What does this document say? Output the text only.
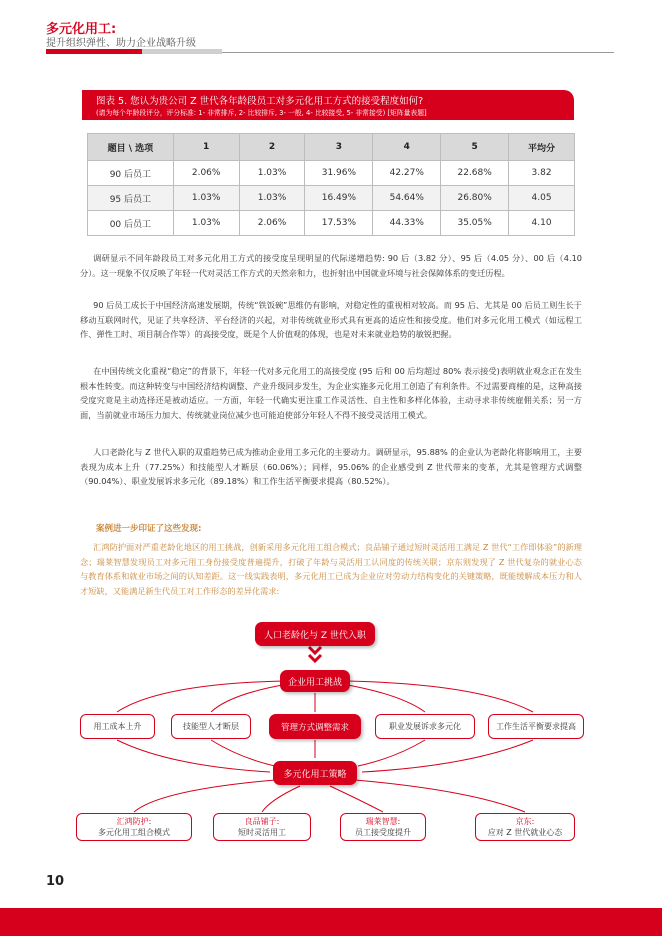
多元化用工:
提升组织弹性、助力企业战略升级
图表 5. 您认为贵公司 Z 世代各年龄段员工对多元化用工方式的接受程度如何?
(请为每个年龄段评分，评分标准: 1- 非常排斥, 2- 比较排斥, 3- 一般, 4- 比较接受, 5- 非常接受) [矩阵量表题]
题目 \ 选项	1	2	3	4	5	平均分
90 后员工	2.06%	1.03%	31.96%	42.27%	22.68%	3.82
95 后员工	1.03%	1.03%	16.49%	54.64%	26.80%	4.05
00 后员工	1.03%	2.06%	17.53%	44.33%	35.05%	4.10

调研显示不同年龄段员工对多元化用工方式的接受度呈现明显的代际递增趋势: 90 后（3.82 分）、95 后（4.05 分）、00 后（4.10 分）。这一现象不仅反映了年轻一代对灵活工作方式的天然亲和力，也折射出中国就业环境与社会保障体系的变迁历程。

90 后员工成长于中国经济高速发展期，传统“铁饭碗”思维仍有影响，对稳定性的重视相对较高。而 95 后、尤其是 00 后员工则生长于移动互联网时代，见证了共享经济、平台经济的兴起，对非传统就业形式具有更高的适应性和接受度。他们对多元化用工模式（如远程工作、弹性工时、项目制合作等）的高接受度，既是个人价值观的体现，也是对未来就业趋势的敏锐把握。

在中国传统文化重视“稳定”的背景下，年轻一代对多元化用工的高接受度 (95 后和 00 后均超过 80% 表示接受)表明就业观念正在发生根本性转变。而这种转变与中国经济结构调整、产业升级同步发生，为企业实施多元化用工创造了有利条件。不过需要商榷的是，这种高接受度究竟是主动选择还是被动适应。一方面，年轻一代确实更注重工作灵活性、自主性和多样化体验，主动寻求非传统雇佣关系；另一方面，当前就业市场压力加大、传统就业岗位减少也可能迫使部分年轻人不得不接受灵活用工模式。

人口老龄化与 Z 世代入职的双重趋势已成为推动企业用工多元化的主要动力。调研显示，95.88% 的企业认为老龄化将影响用工，主要表现为成本上升（77.25%）和技能型人才断层（60.06%）；同样，95.06% 的企业感受到 Z 世代带来的变革，尤其是管理方式调整（90.04%）、职业发展诉求多元化（89.18%）和工作生活平衡要求提高（80.52%）。

案例进一步印证了这些发现:

汇鸿防护面对严重老龄化地区的用工挑战，创新采用多元化用工组合模式；良品铺子通过短时灵活用工满足 Z 世代“工作即体验”的新理念；瑞莱智慧发现员工对多元用工身份接受度普遍提升，打破了年龄与灵活用工认同度的传统关联；京东则发现了 Z 世代复杂的就业心态与教育体系和就业市场之间的认知差距。这一线实践表明，多元化用工已成为企业应对劳动力结构变化的关键策略，既能缓解成本压力和人才短缺，又能满足新生代员工对工作形态的差异化需求:

人口老龄化与 Z 世代入职
企业用工挑战
用工成本上升	技能型人才断层	管理方式调整需求	职业发展诉求多元化	工作生活平衡要求提高
多元化用工策略
汇鸿防护:
多元化用工组合模式
良品铺子:
短时灵活用工
瑞莱智慧:
员工接受度提升
京东:
应对 Z 世代就业心态
10
